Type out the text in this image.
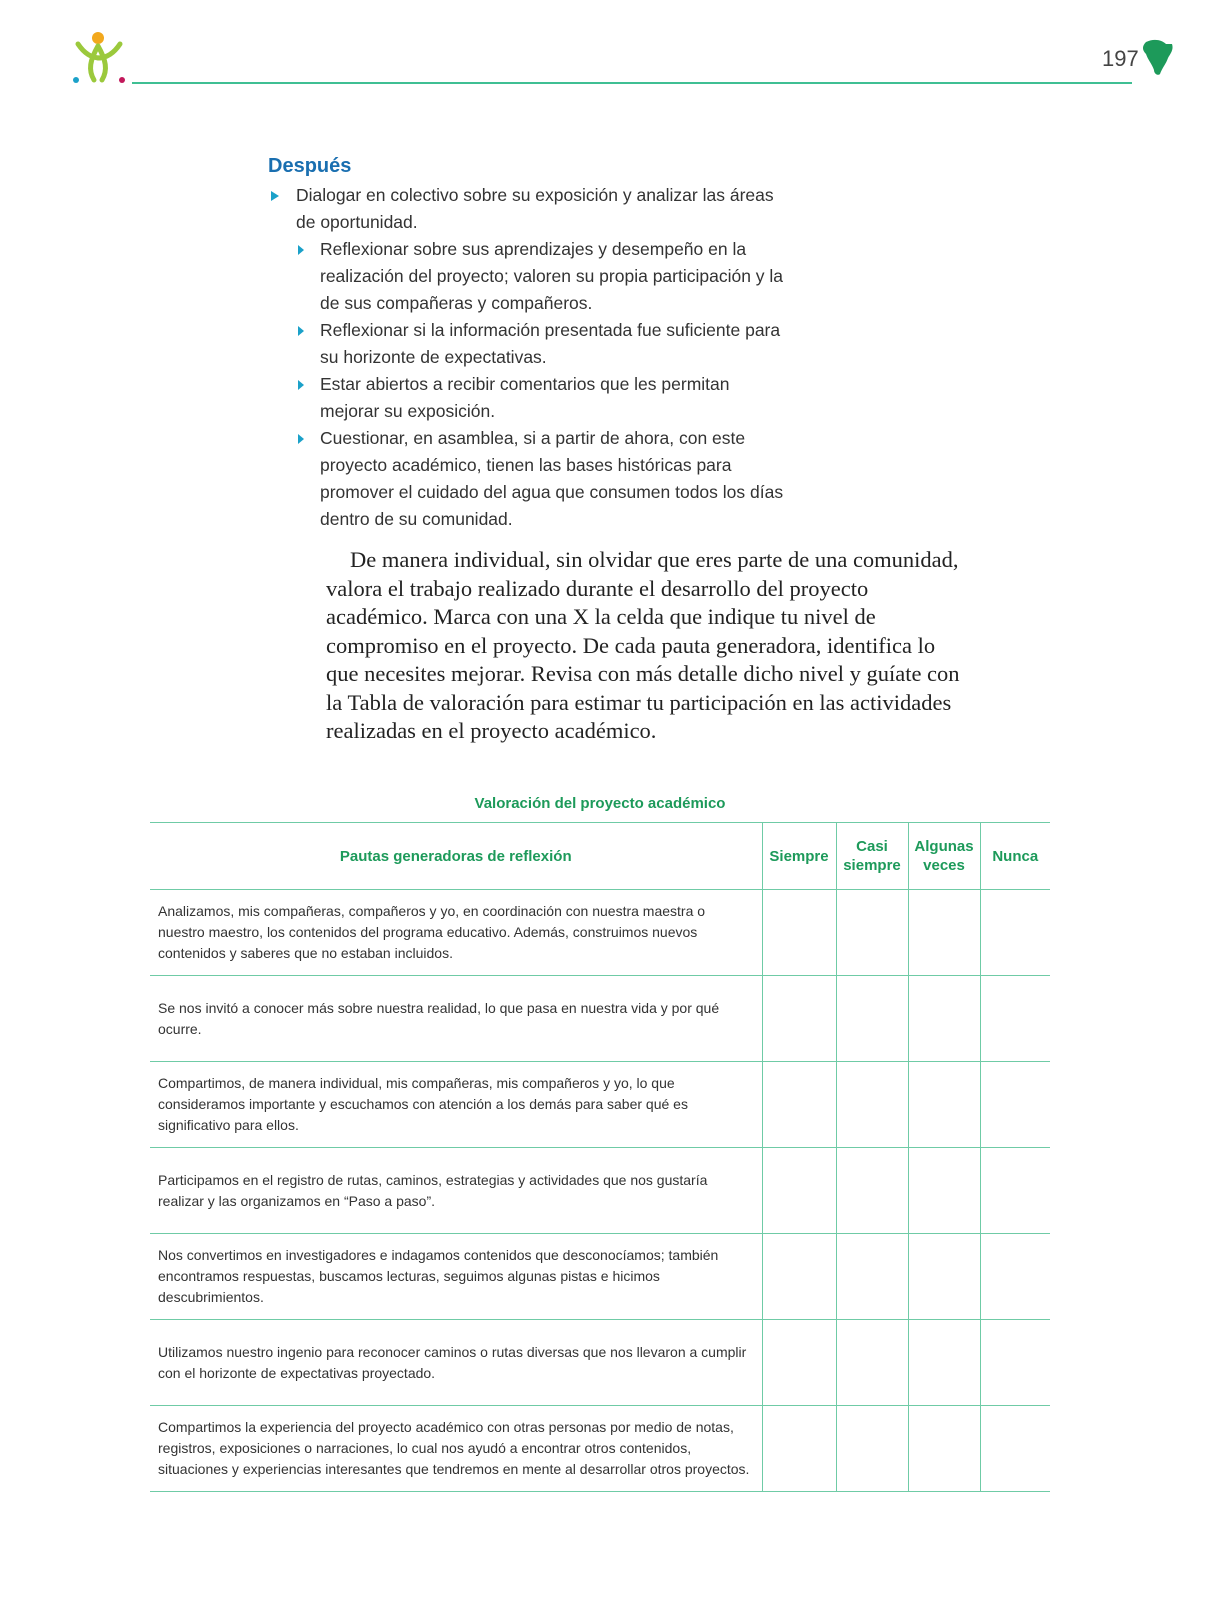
197
Después
Dialogar en colectivo sobre su exposición y analizar las áreas de oportunidad.
Reflexionar sobre sus aprendizajes y desempeño en la realización del proyecto; valoren su propia participación y la de sus compañeras y compañeros.
Reflexionar si la información presentada fue suficiente para su horizonte de expectativas.
Estar abiertos a recibir comentarios que les permitan mejorar su exposición.
Cuestionar, en asamblea, si a partir de ahora, con este proyecto académico, tienen las bases históricas para promover el cuidado del agua que consumen todos los días dentro de su comunidad.

De manera individual, sin olvidar que eres parte de una comunidad, valora el trabajo realizado durante el desarrollo del proyecto académico. Marca con una X la celda que indique tu nivel de compromiso en el proyecto. De cada pauta generadora, identifica lo que necesites mejorar. Revisa con más detalle dicho nivel y guíate con la Tabla de valoración para estimar tu participación en las actividades realizadas en el proyecto académico.

Valoración del proyecto académico
Pautas generadoras de reflexión	Siempre	Casi siempre	Algunas veces	Nunca
Analizamos, mis compañeras, compañeros y yo, en coordinación con nuestra maestra o nuestro maestro, los contenidos del programa educativo. Además, construimos nuevos contenidos y saberes que no estaban incluidos.				
Se nos invitó a conocer más sobre nuestra realidad, lo que pasa en nuestra vida y por qué ocurre.				
Compartimos, de manera individual, mis compañeras, mis compañeros y yo, lo que consideramos importante y escuchamos con atención a los demás para saber qué es significativo para ellos.				
Participamos en el registro de rutas, caminos, estrategias y actividades que nos gustaría realizar y las organizamos en “Paso a paso”.				
Nos convertimos en investigadores e indagamos contenidos que desconocíamos; también encontramos respuestas, buscamos lecturas, seguimos algunas pistas e hicimos descubrimientos.				
Utilizamos nuestro ingenio para reconocer caminos o rutas diversas que nos llevaron a cumplir con el horizonte de expectativas proyectado.				
Compartimos la experiencia del proyecto académico con otras personas por medio de notas, registros, exposiciones o narraciones, lo cual nos ayudó a encontrar otros contenidos, situaciones y experiencias interesantes que tendremos en mente al desarrollar otros proyectos.				
